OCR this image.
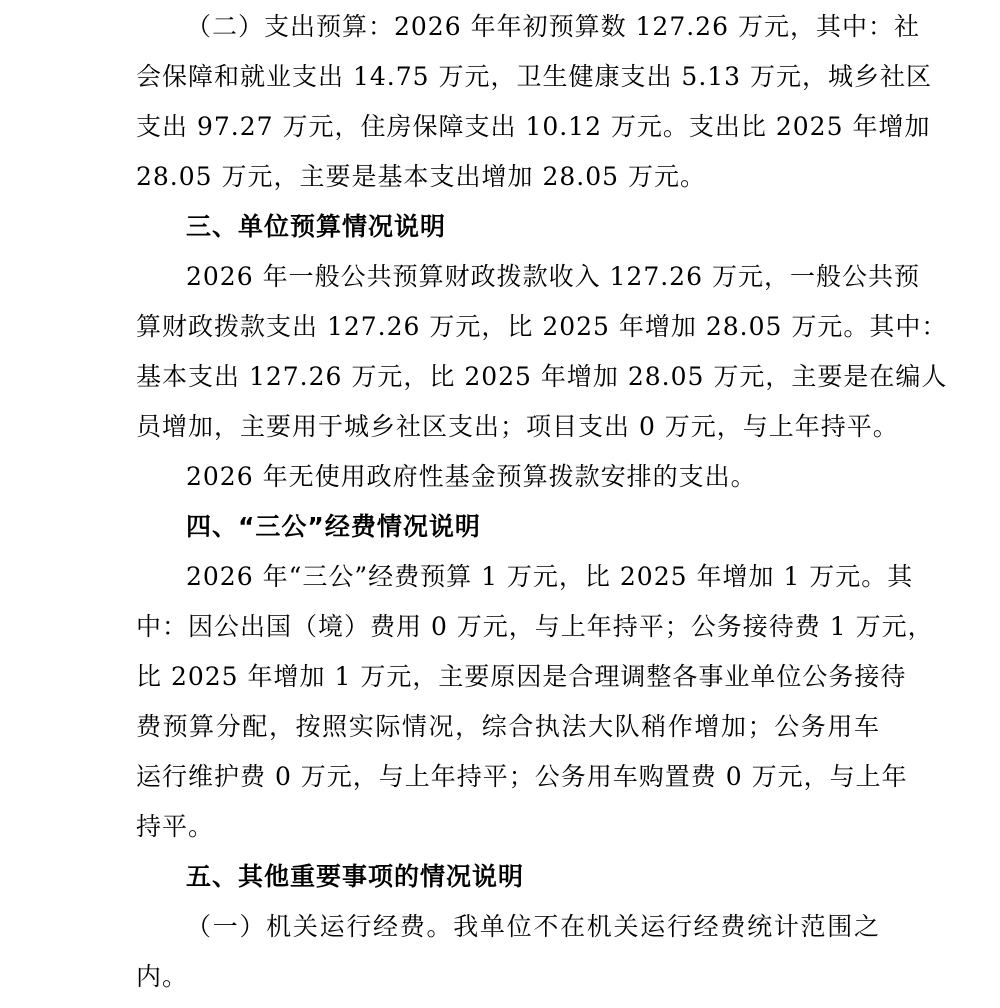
（二）支出预算：2026 年年初预算数 127.26 万元，其中：社
会保障和就业支出 14.75 万元，卫生健康支出 5.13 万元，城乡社区
支出 97.27 万元，住房保障支出 10.12 万元。支出比 2025 年增加
28.05 万元，主要是基本支出增加 28.05 万元。
三、单位预算情况说明
2026 年一般公共预算财政拨款收入 127.26 万元，一般公共预
算财政拨款支出 127.26 万元，比 2025 年增加 28.05 万元。其中：
基本支出 127.26 万元，比 2025 年增加 28.05 万元，主要是在编人
员增加，主要用于城乡社区支出；项目支出 0 万元，与上年持平。
2026 年无使用政府性基金预算拨款安排的支出。
四、“三公”经费情况说明
2026 年“三公”经费预算 1 万元，比 2025 年增加 1 万元。其
中：因公出国（境）费用 0 万元，与上年持平；公务接待费 1 万元，
比 2025 年增加 1 万元，主要原因是合理调整各事业单位公务接待
费预算分配，按照实际情况，综合执法大队稍作增加；公务用车
运行维护费 0 万元，与上年持平；公务用车购置费 0 万元，与上年
持平。
五、其他重要事项的情况说明
（一）机关运行经费。我单位不在机关运行经费统计范围之
内。
